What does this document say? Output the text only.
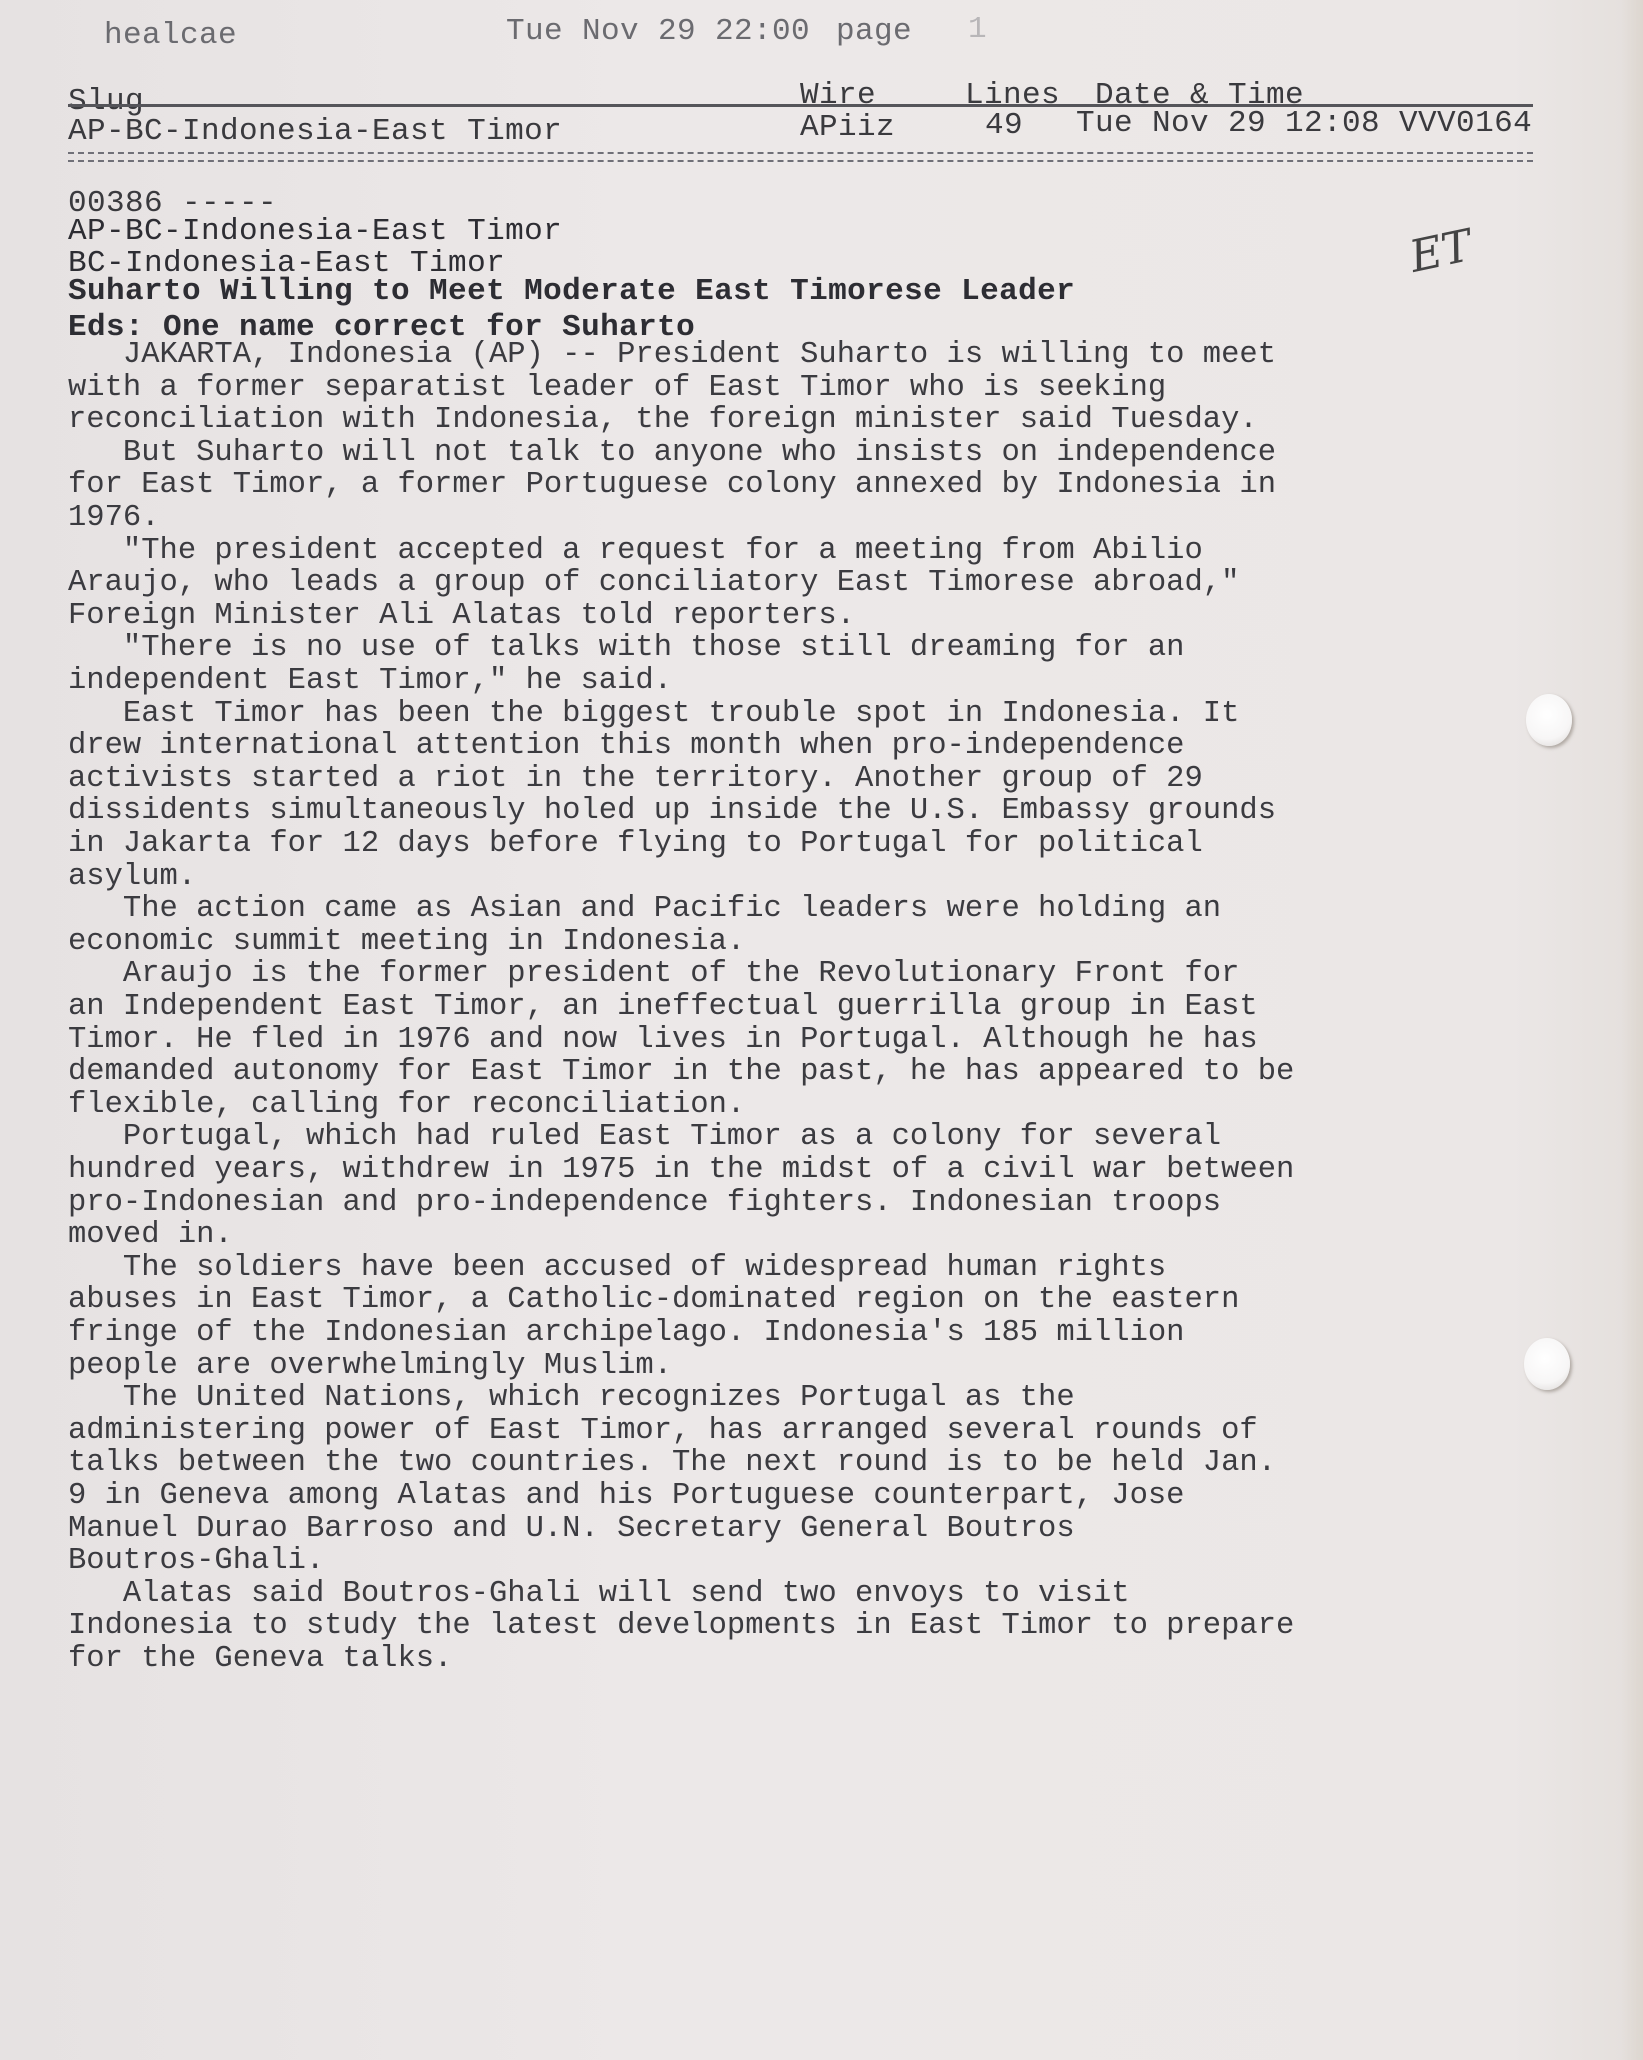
healcae	Tue Nov 29 22:00 page 1
Slug	Wire	Lines Date & Time
AP-BC-Indonesia-East Timor	APiiz	49 Tue Nov 29 12:08 VVV0164
00386 -----
AP-BC-Indonesia-East Timor
BC-Indonesia-East Timor
Suharto Willing to Meet Moderate East Timorese Leader
Eds: One name correct for Suharto
JAKARTA, Indonesia (AP) -- President Suharto is willing to meet
with a former separatist leader of East Timor who is seeking
reconciliation with Indonesia, the foreign minister said Tuesday.
But Suharto will not talk to anyone who insists on independence
for East Timor, a former Portuguese colony annexed by Indonesia in
1976.
"The president accepted a request for a meeting from Abilio
Araujo, who leads a group of conciliatory East Timorese abroad,"
Foreign Minister Ali Alatas told reporters.
"There is no use of talks with those still dreaming for an
independent East Timor," he said.
East Timor has been the biggest trouble spot in Indonesia. It
drew international attention this month when pro-independence
activists started a riot in the territory. Another group of 29
dissidents simultaneously holed up inside the U.S. Embassy grounds
in Jakarta for 12 days before flying to Portugal for political
asylum.
The action came as Asian and Pacific leaders were holding an
economic summit meeting in Indonesia.
Araujo is the former president of the Revolutionary Front for
an Independent East Timor, an ineffectual guerrilla group in East
Timor. He fled in 1976 and now lives in Portugal. Although he has
demanded autonomy for East Timor in the past, he has appeared to be
flexible, calling for reconciliation.
Portugal, which had ruled East Timor as a colony for several
hundred years, withdrew in 1975 in the midst of a civil war between
pro-Indonesian and pro-independence fighters. Indonesian troops
moved in.
The soldiers have been accused of widespread human rights
abuses in East Timor, a Catholic-dominated region on the eastern
fringe of the Indonesian archipelago. Indonesia's 185 million
people are overwhelmingly Muslim.
The United Nations, which recognizes Portugal as the
administering power of East Timor, has arranged several rounds of
talks between the two countries. The next round is to be held Jan.
9 in Geneva among Alatas and his Portuguese counterpart, Jose
Manuel Durao Barroso and U.N. Secretary General Boutros
Boutros-Ghali.
Alatas said Boutros-Ghali will send two envoys to visit
Indonesia to study the latest developments in East Timor to prepare
for the Geneva talks.
ET
